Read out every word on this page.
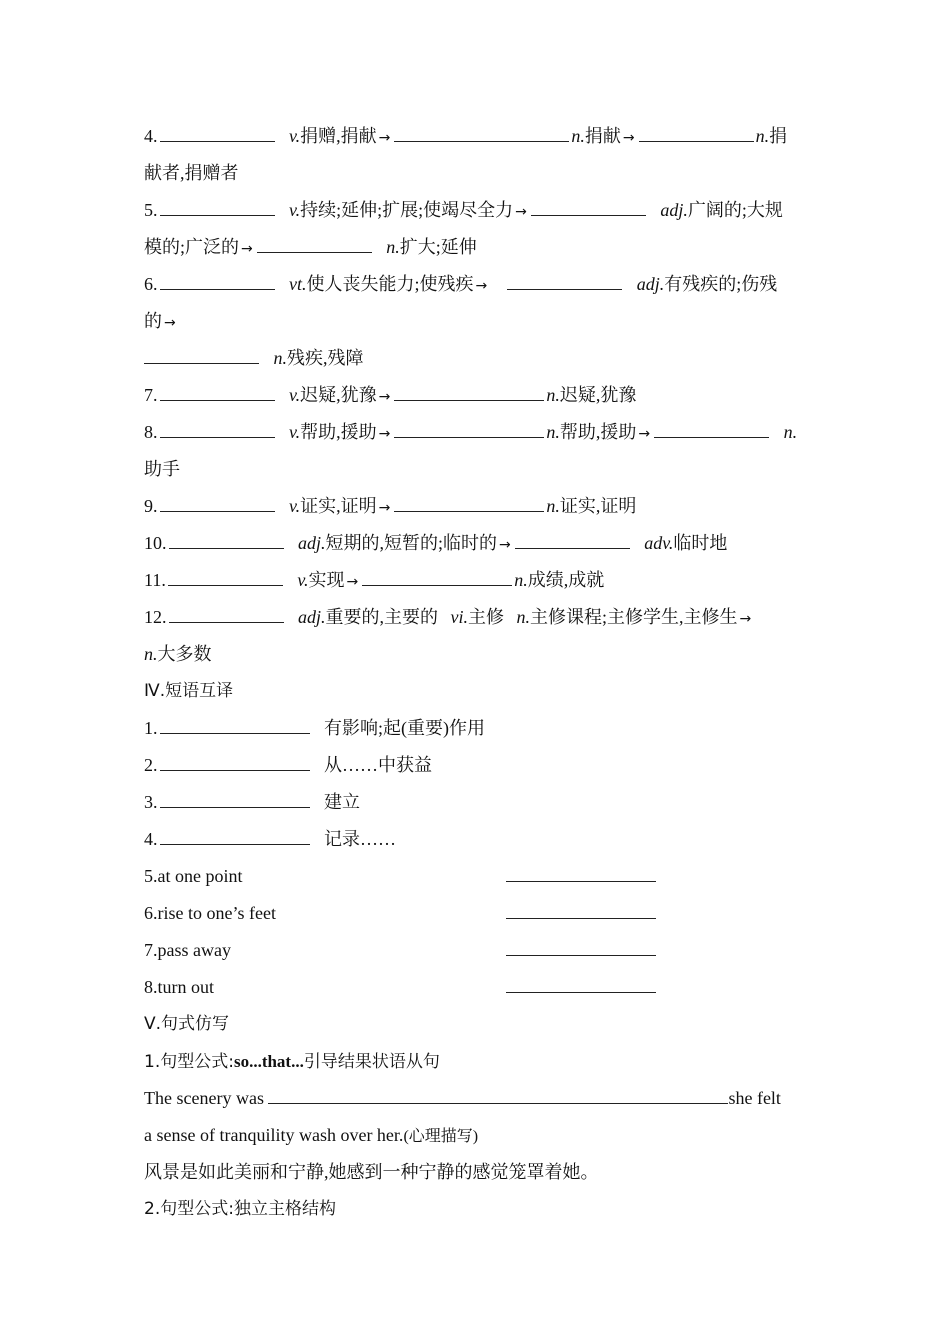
4.	v.捐赠,捐献 →	n.捐献 →	n.捐
献者,捐赠者
5.	v.持续;延伸;扩展;使竭尽全力 →	adj.广阔的;大规
模的;广泛的 →	n.扩大;延伸
6.	vt.使人丧失能力;使残疾 →	adj.有残疾的;伤残
的 →
n.残疾,残障
7.	v.迟疑,犹豫 →	n.迟疑,犹豫
8.	v.帮助,援助 →	n.帮助,援助 →	n.
助手
9.	v.证实,证明 →	n.证实,证明
10.	adj.短期的,短暂的;临时的 →	adv.临时地
11.	v.实现 →	n.成绩,成就
12.	adj.重要的,主要的 vi.主修 n.主修课程;主修学生,主修生 →
n.大多数
Ⅳ.短语互译
1.	有影响;起(重要)作用
2.	从……中获益
3.	建立
4.	记录……
5.at one point
6.rise to one’s feet
7.pass away
8.turn out
Ⅴ.句式仿写
1.句型公式:so...that...引导结果状语从句
The scenery was	she felt
a sense of tranquility wash over her.(心理描写)
风景是如此美丽和宁静,她感到一种宁静的感觉笼罩着她。
2.句型公式:独立主格结构
